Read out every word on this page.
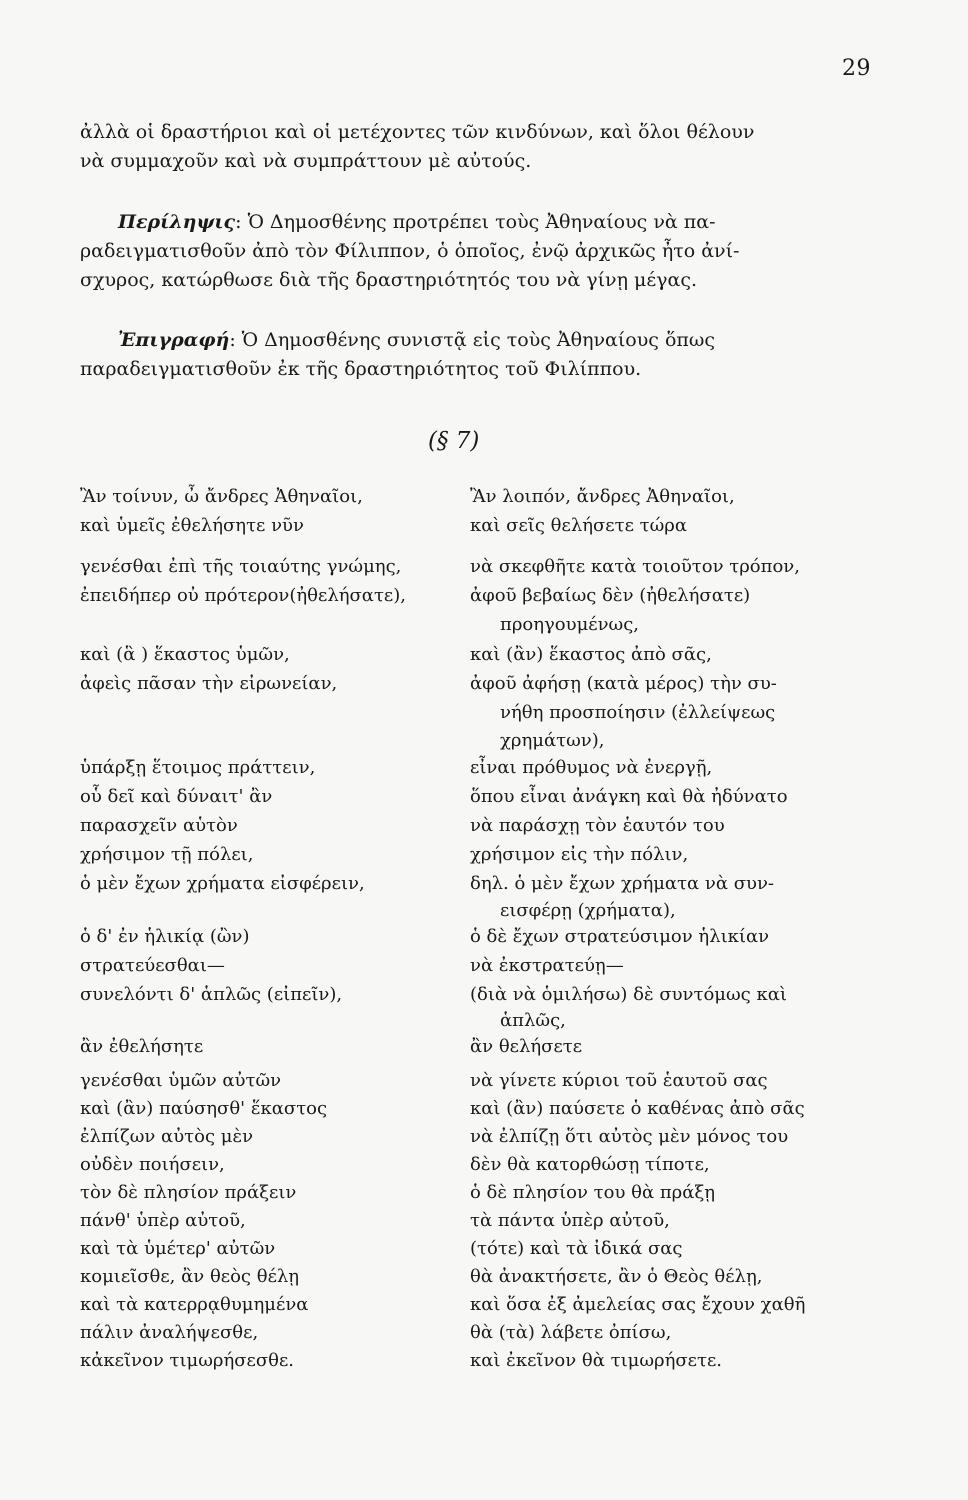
29

ἀλλὰ οἱ δραστήριοι καὶ οἱ μετέχοντες τῶν κινδύνων, καὶ ὅλοι θέλουν

νὰ συμμαχοῦν καὶ νὰ συμπράττουν μὲ αὐτούς.

Περίληψις: Ὁ Δημοσθένης προτρέπει τοὺς Ἀθηναίους νὰ πα-

ραδειγματισθοῦν ἀπὸ τὸν Φίλιππον, ὁ ὁποῖος, ἐνῷ ἀρχικῶς ἦτο ἀνί-

σχυρος, κατώρθωσε διὰ τῆς δραστηριότητός του νὰ γίνῃ μέγας.

Ἐπιγραφή: Ὁ Δημοσθένης συνιστᾷ εἰς τοὺς Ἀθηναίους ὅπως

παραδειγματισθοῦν ἐκ τῆς δραστηριότητος τοῦ Φιλίππου.

(§ 7)
Ἂν τοίνυν, ὦ ἄνδρες Ἀθηναῖοι,
καὶ ὑμεῖς ἐθελήσητε νῦν
γενέσθαι ἐπὶ τῆς τοιαύτης γνώμης,
ἐπειδήπερ οὐ πρότερον(ἠθελήσατε),
καὶ (ἃ ) ἕκαστος ὑμῶν,
ἀφεὶς πᾶσαν τὴν εἰρωνείαν,
ὑπάρξῃ ἕτοιμος πράττειν,
οὗ δεῖ καὶ δύναιτ' ἂν
παρασχεῖν αὑτὸν
χρήσιμον τῇ πόλει,
ὁ μὲν ἔχων χρήματα εἰσφέρειν,
ὁ δ' ἐν ἡλικίᾳ (ὢν)
στρατεύεσθαι—
συνελόντι δ' ἁπλῶς (εἰπεῖν),
ἂν ἐθελήσητε
γενέσθαι ὑμῶν αὐτῶν
καὶ (ἂν) παύσησθ' ἕκαστος
ἐλπίζων αὐτὸς μὲν
οὐδὲν ποιήσειν,
τὸν δὲ πλησίον πράξειν
πάνθ' ὑπὲρ αὐτοῦ,
καὶ τὰ ὑμέτερ' αὐτῶν
κομιεῖσθε, ἂν θεὸς θέλῃ
καὶ τὰ κατερρᾳθυμημένα
πάλιν ἀναλήψεσθε,
κἀκεῖνον τιμωρήσεσθε.
Ἂν λοιπόν, ἄνδρες Ἀθηναῖοι,
καὶ σεῖς θελήσετε τώρα
νὰ σκεφθῆτε κατὰ τοιοῦτον τρόπον,
ἀφοῦ βεβαίως δὲν (ἠθελήσατε)
προηγουμένως,
καὶ (ἂν) ἕκαστος ἀπὸ σᾶς,
ἀφοῦ ἀφήσῃ (κατὰ μέρος) τὴν συ-
νήθη προσποίησιν (ἐλλείψεως
χρημάτων),
εἶναι πρόθυμος νὰ ἐνεργῇ,
ὅπου εἶναι ἀνάγκη καὶ θὰ ἠδύνατο
νὰ παράσχῃ τὸν ἑαυτόν του
χρήσιμον εἰς τὴν πόλιν,
δηλ. ὁ μὲν ἔχων χρήματα νὰ συν-
εισφέρῃ (χρήματα),
ὁ δὲ ἔχων στρατεύσιμον ἡλικίαν
νὰ ἐκστρατεύῃ—
(διὰ νὰ ὁμιλήσω) δὲ συντόμως καὶ
ἁπλῶς,
ἂν θελήσετε
νὰ γίνετε κύριοι τοῦ ἑαυτοῦ σας
καὶ (ἂν) παύσετε ὁ καθένας ἀπὸ σᾶς
νὰ ἐλπίζῃ ὅτι αὐτὸς μὲν μόνος του
δὲν θὰ κατορθώσῃ τίποτε,
ὁ δὲ πλησίον του θὰ πράξῃ
τὰ πάντα ὑπὲρ αὐτοῦ,
(τότε) καὶ τὰ ἰδικά σας
θὰ ἀνακτήσετε, ἂν ὁ Θεὸς θέλῃ,
καὶ ὅσα ἐξ ἀμελείας σας ἔχουν χαθῆ
θὰ (τὰ) λάβετε ὀπίσω,
καὶ ἐκεῖνον θὰ τιμωρήσετε.
